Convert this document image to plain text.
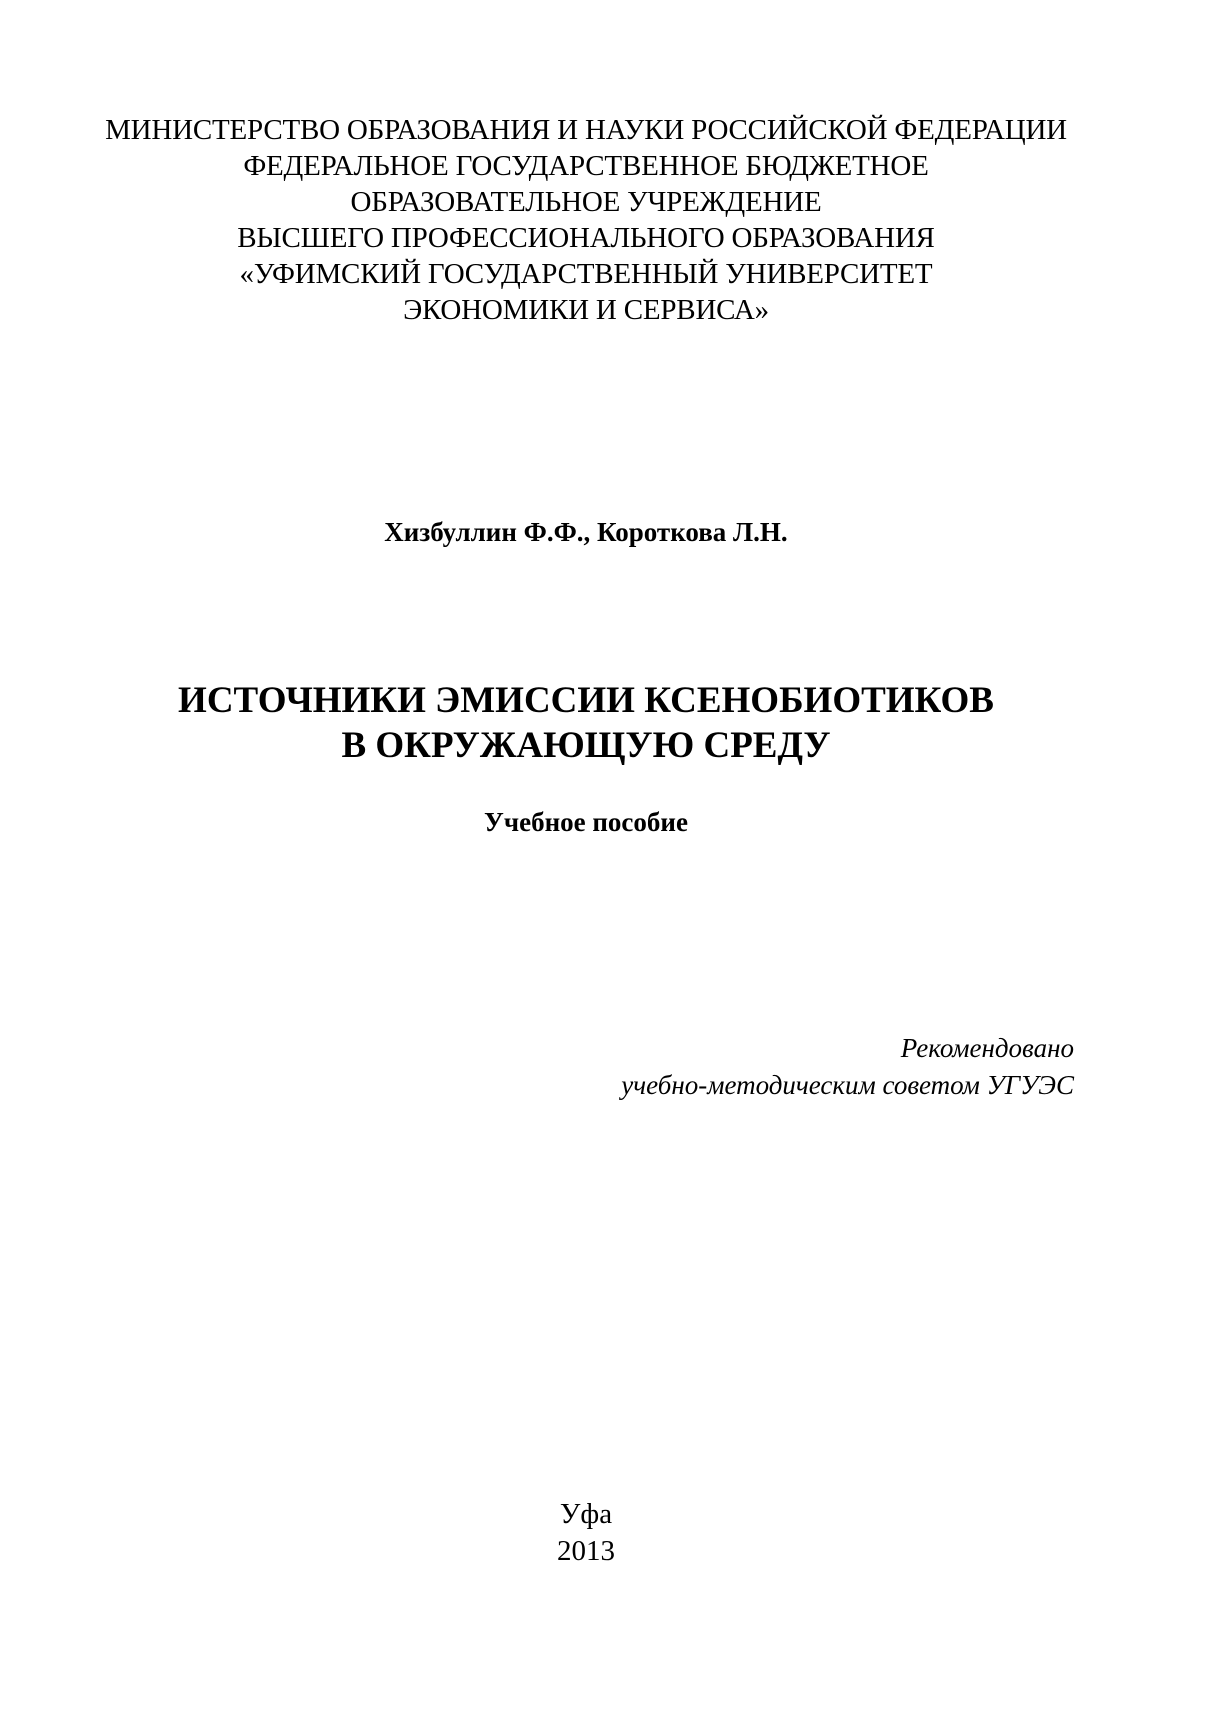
МИНИСТЕРСТВО ОБРАЗОВАНИЯ И НАУКИ РОССИЙСКОЙ ФЕДЕРАЦИИ
ФЕДЕРАЛЬНОЕ ГОСУДАРСТВЕННОЕ БЮДЖЕТНОЕ
ОБРАЗОВАТЕЛЬНОЕ УЧРЕЖДЕНИЕ
ВЫСШЕГО ПРОФЕССИОНАЛЬНОГО ОБРАЗОВАНИЯ
«УФИМСКИЙ ГОСУДАРСТВЕННЫЙ УНИВЕРСИТЕТ
ЭКОНОМИКИ И СЕРВИСА»
Хизбуллин Ф.Ф., Короткова Л.Н.
ИСТОЧНИКИ ЭМИССИИ КСЕНОБИОТИКОВ
В ОКРУЖАЮЩУЮ СРЕДУ
Учебное пособие
Рекомендовано
учебно-методическим советом УГУЭС
Уфа
2013
